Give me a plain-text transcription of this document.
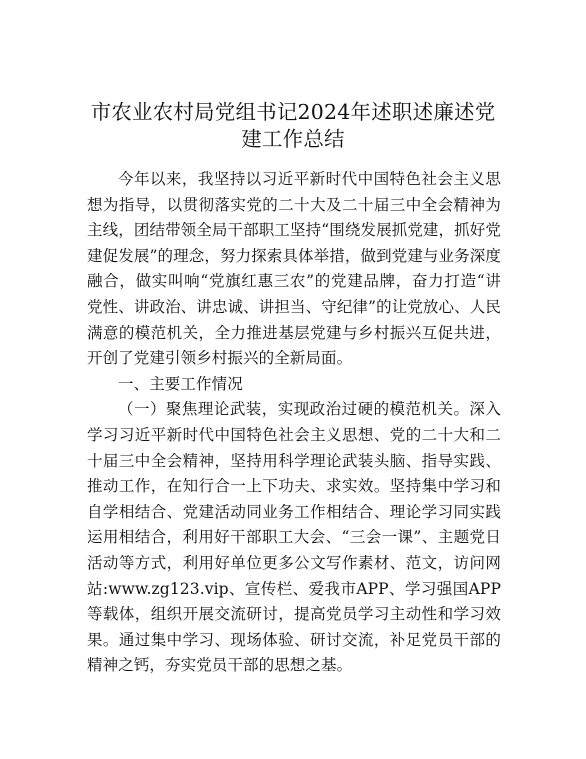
市农业农村局党组书记2024年述职述廉述党建工作总结

今年以来，我坚持以习近平新时代中国特色社会主义思想为指导，以贯彻落实党的二十大及二十届三中全会精神为主线，团结带领全局干部职工坚持“围绕发展抓党建，抓好党建促发展”的理念，努力探索具体举措，做到党建与业务深度融合，做实叫响“党旗红惠三农”的党建品牌，奋力打造“讲党性、讲政治、讲忠诚、讲担当、守纪律”的让党放心、人民满意的模范机关，全力推进基层党建与乡村振兴互促共进，开创了党建引领乡村振兴的全新局面。

一、主要工作情况

（一）聚焦理论武装，实现政治过硬的模范机关。深入学习习近平新时代中国特色社会主义思想、党的二十大和二十届三中全会精神，坚持用科学理论武装头脑、指导实践、推动工作，在知行合一上下功夫、求实效。坚持集中学习和自学相结合、党建活动同业务工作相结合、理论学习同实践运用相结合，利用好干部职工大会、“三会一课”、主题党日活动等方式，利用好单位更多公文写作素材、范文，访问网站:www.zg123.vip、宣传栏、爱我市APP、学习强国APP等载体，组织开展交流研讨，提高党员学习主动性和学习效果。通过集中学习、现场体验、研讨交流，补足党员干部的精神之钙，夯实党员干部的思想之基。
